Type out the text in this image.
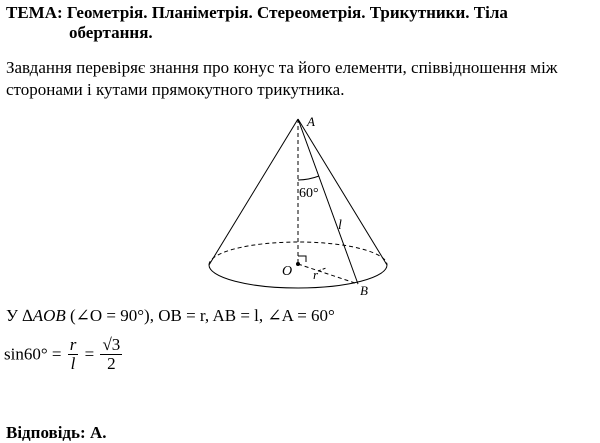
ТЕМА: Геометрія. Планіметрія. Стереометрія. Трикутники. Тіла
обертання.
Завдання перевіряє знання про конус та його елементи, співвідношення між
сторонами і кутами прямокутного трикутника.
A
60°
l
O r
B
У ∆AOB (∠O = 90°), OB = r, AB = l, ∠A = 60°
$\sin 60^\circ = \frac{r}{l} = \frac{√3}{2}$
Відповідь: А.
